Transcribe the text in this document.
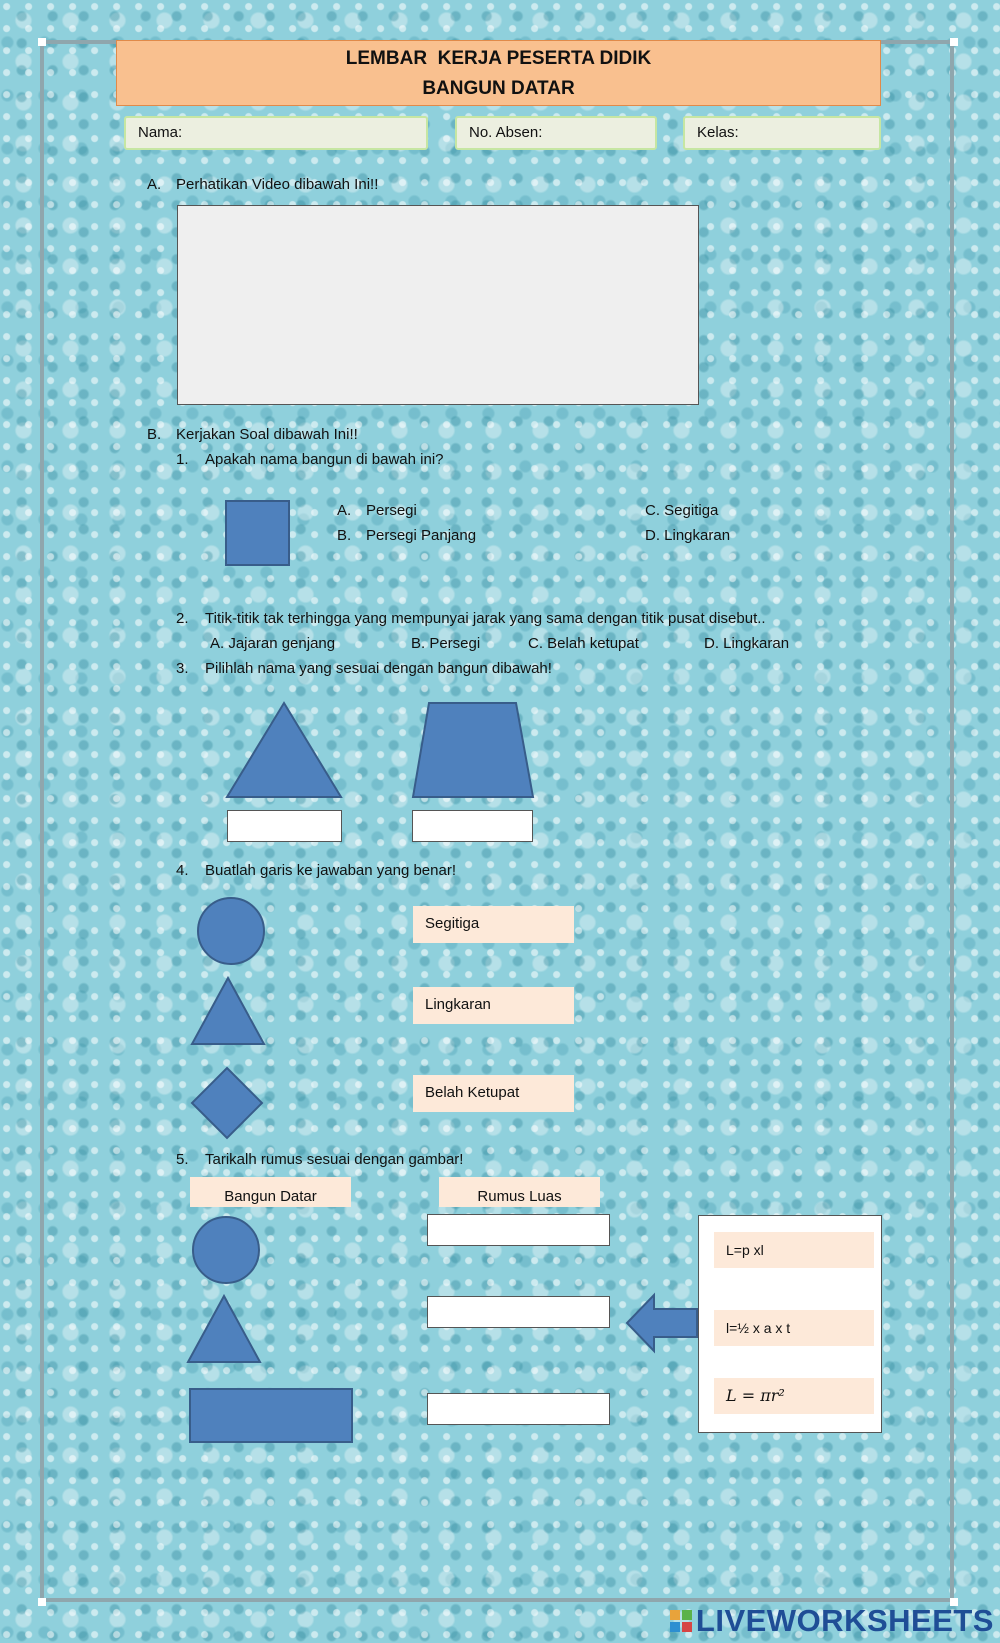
LEMBAR  KERJA PESERTA DIDIK
BANGUN DATAR
Nama:	No. Absen:	Kelas:
A. Perhatikan Video dibawah Ini!!
B. Kerjakan Soal dibawah Ini!!
1. Apakah nama bangun di bawah ini?
A. Persegi
B. Persegi Panjang
C. Segitiga
D. Lingkaran
2. Titik-titik tak terhingga yang mempunyai jarak yang sama dengan titik pusat disebut..
A. Jajaran genjang	B. Persegi	C. Belah ketupat	D. Lingkaran
3. Pilihlah nama yang sesuai dengan bangun dibawah!
4. Buatlah garis ke jawaban yang benar!
Segitiga
Lingkaran
Belah Ketupat
5. Tarikalh rumus sesuai dengan gambar!
Bangun Datar	Rumus Luas
L=p xl
l=½ x a x t
L = πr²
LIVEWORKSHEETS
